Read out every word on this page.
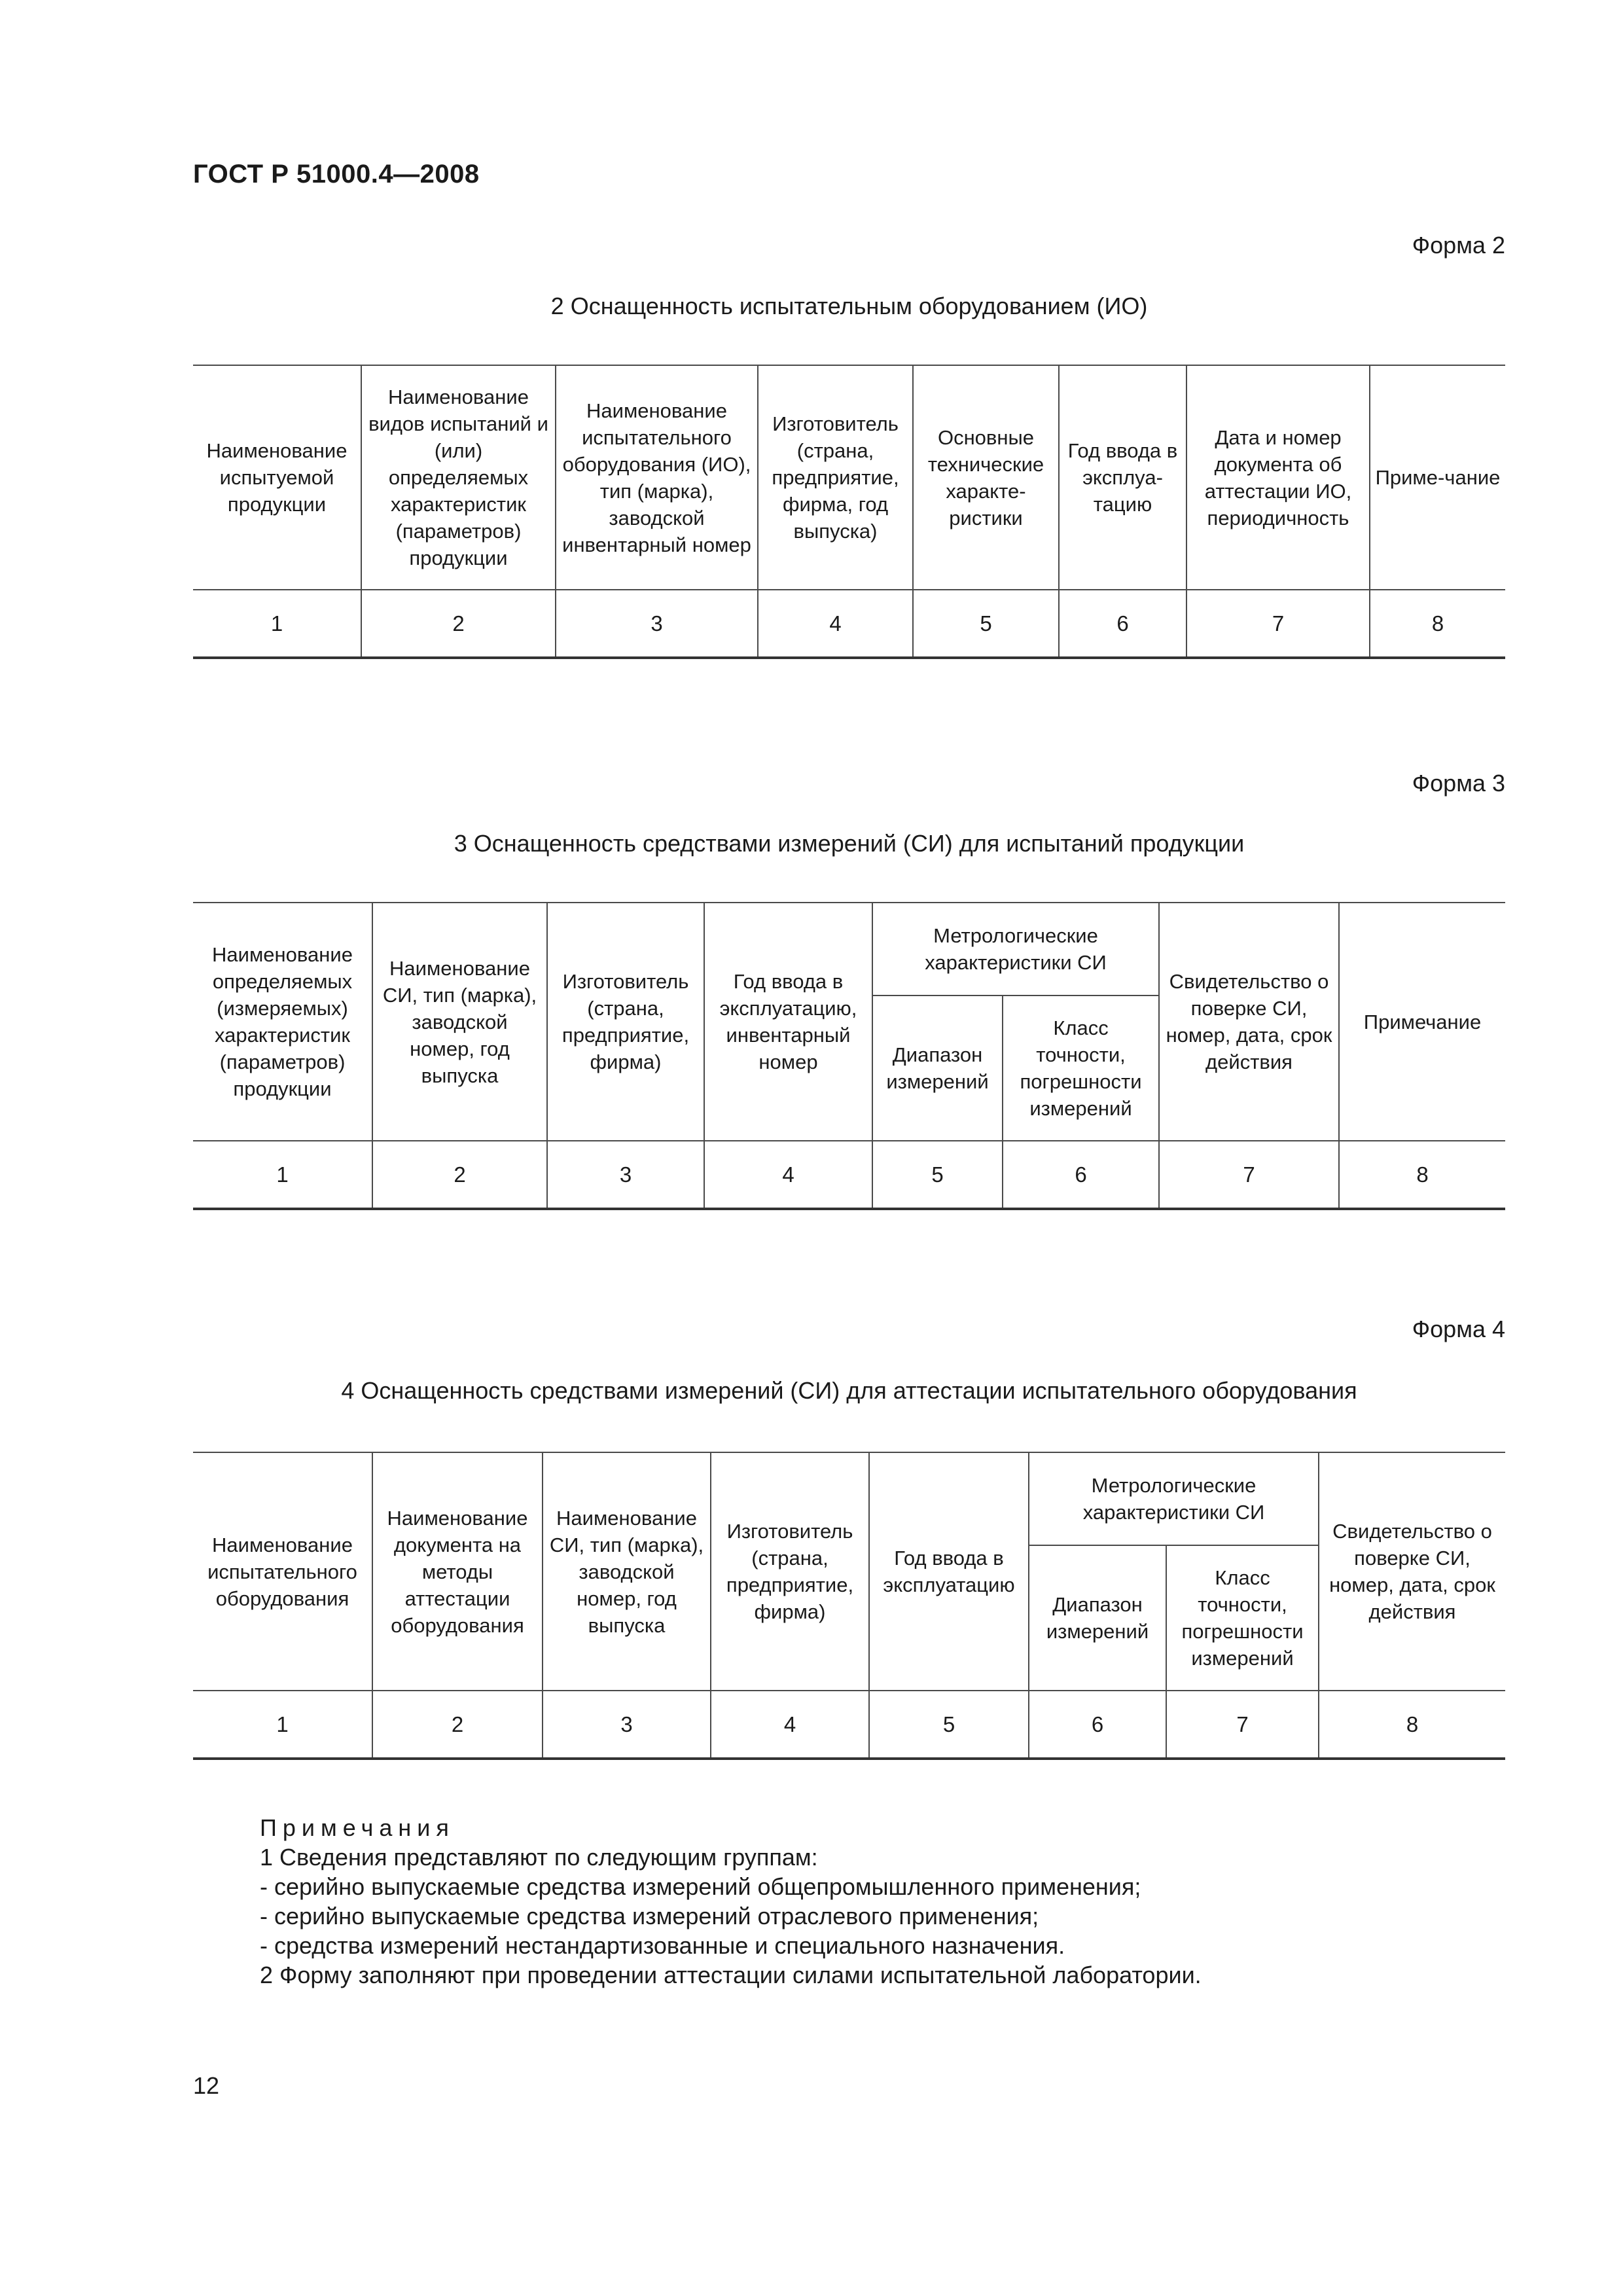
ГОСТ Р 51000.4—2008
Форма 2
2 Оснащенность испытательным оборудованием (ИО)
Наименование испытуемой продукции	Наименование видов испытаний и (или) определяемых характеристик (параметров) продукции	Наименование испытательного оборудования (ИО), тип (марка), заводской инвентарный номер	Изготовитель (страна, предприятие, фирма, год выпуска)	Основные технические характе-ристики	Год ввода в эксплуа-тацию	Дата и номер документа об аттестации ИО, периодичность	Приме-чание
1	2	3	4	5	6	7	8
Форма 3
3 Оснащенность средствами измерений (СИ) для испытаний продукции
Наименование определяемых (измеряемых) характеристик (параметров) продукции	Наименование СИ, тип (марка), заводской номер, год выпуска	Изготовитель (страна, предприятие, фирма)	Год ввода в эксплуатацию, инвентарный номер	Метрологические характеристики СИ		Свидетельство о поверке СИ, номер, дата, срок действия	Примечание
				Диапазон измерений	Класс точности, погрешности измерений		
1	2	3	4	5	6	7	8
Форма 4
4 Оснащенность средствами измерений (СИ) для аттестации испытательного оборудования
Наименование испытательного оборудования	Наименование документа на методы аттестации оборудования	Наименование СИ, тип (марка), заводской номер, год выпуска	Изготовитель (страна, предприятие, фирма)	Год ввода в эксплуатацию	Метрологические характеристики СИ		Свидетельство о поверке СИ, номер, дата, срок действия
					Диапазон измерений	Класс точности, погрешности измерений	
1	2	3	4	5	6	7	8
Примечания
1 Сведения представляют по следующим группам:
- серийно выпускаемые средства измерений общепромышленного применения;
- серийно выпускаемые средства измерений отраслевого применения;
- средства измерений нестандартизованные и специального назначения.
2 Форму заполняют при проведении аттестации силами испытательной лаборатории.
12
